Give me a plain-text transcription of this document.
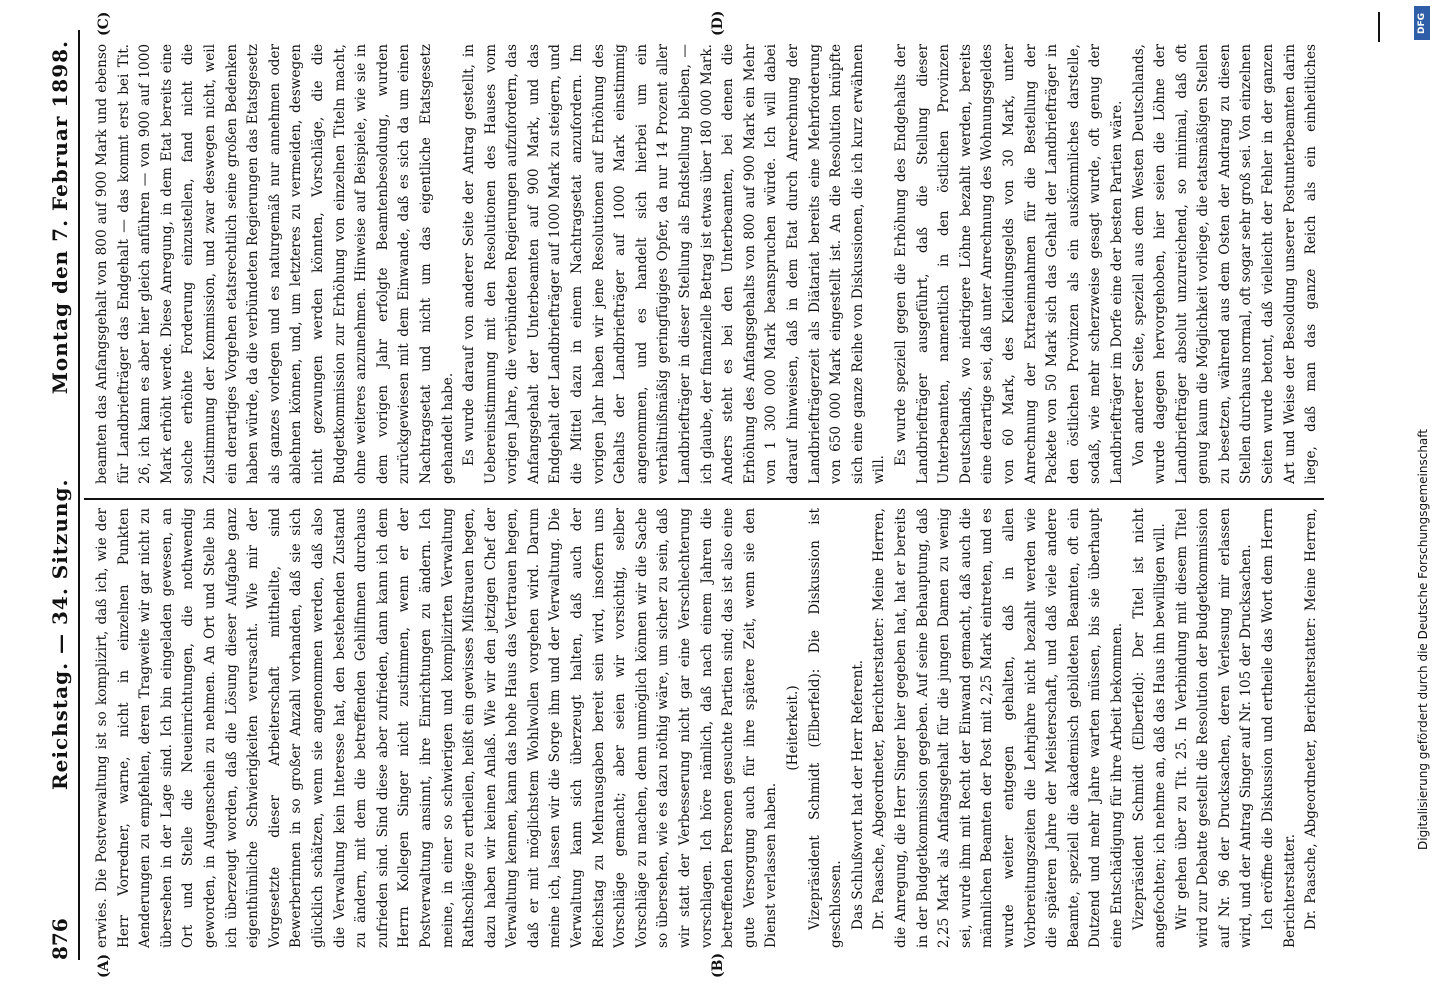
876
Reichstag. — 34. Sitzung.
Montag den 7. Februar 1898.
(A)	(B)
(C)	(D)

erwies. Die Postverwaltung ist so komplizirt, daß ich, wie der Herr Vorredner, warne, nicht in einzelnen Punkten Aenderungen zu empfehlen, deren Tragweite wir gar nicht zu übersehen in der Lage sind. Ich bin eingeladen gewesen, an Ort und Stelle die Neueinrichtungen, die nothwendig geworden, in Augenschein zu nehmen. An Ort und Stelle bin ich überzeugt worden, daß die Lösung dieser Aufgabe ganz eigenthümliche Schwierigkeiten verursacht. Wie mir der Vorgesetzte dieser Arbeiterschaft mittheilte, sind Bewerberinnen in so großer Anzahl vorhanden, daß sie sich glücklich schätzen, wenn sie angenommen werden, daß also die Verwaltung kein Interesse hat, den bestehenden Zustand zu ändern, mit dem die betreffenden Gehilfinnen durchaus zufrieden sind. Sind diese aber zufrieden, dann kann ich dem Herrn Kollegen Singer nicht zustimmen, wenn er der Postverwaltung ansinnt, ihre Einrichtungen zu ändern. Ich meine, in einer so schwierigen und komplizirten Verwaltung Rathschläge zu ertheilen, heißt ein gewisses Mißtrauen hegen, dazu haben wir keinen Anlaß. Wie wir den jetzigen Chef der Verwaltung kennen, kann das hohe Haus das Vertrauen hegen, daß er mit möglichstem Wohlwollen vorgehen wird. Darum meine ich, lassen wir die Sorge ihm und der Verwaltung. Die Verwaltung kann sich überzeugt halten, daß auch der Reichstag zu Mehrausgaben bereit sein wird, insofern uns Vorschläge gemacht; aber seien wir vorsichtig, selber Vorschläge zu machen, denn unmöglich können wir die Sache so übersehen, wie es dazu nöthig wäre, um sicher zu sein, daß wir statt der Verbesserung nicht gar eine Verschlechterung vorschlagen. Ich höre nämlich, daß nach einem Jahren die betreffenden Personen gesuchte Partien sind; das ist also eine gute Versorgung auch für ihre spätere Zeit, wenn sie den Dienst verlassen haben.

(Heiterkeit.) Vizepräsident Schmidt (Elberfeld): Die Diskussion ist geschlossen. Das Schlußwort hat der Herr Referent. Dr. Paasche, Abgeordneter, Berichterstatter: Meine Herren, die Anregung, die Herr Singer hier gegeben hat, hat er bereits in der Budgetkommission gegeben. Auf seine Behauptung, daß 2,25 Mark als Anfangsgehalt für die jungen Damen zu wenig sei, wurde ihm mit Recht der Einwand gemacht, daß auch die männlichen Beamten der Post mit 2,25 Mark eintreten, und es wurde weiter entgegen gehalten, daß in allen Vorbereitungszeiten die Lehrjahre nicht bezahlt werden wie die späteren Jahre der Meisterschaft, und daß viele andere Beamte, speziell die akademisch gebildeten Beamten, oft ein Dutzend und mehr Jahre warten müssen, bis sie überhaupt eine Entschädigung für ihre Arbeit bekommen. Vizepräsident Schmidt (Elberfeld): Der Titel ist nicht angefochten; ich nehme an, daß das Haus ihn bewilligen will. Wir gehen über zu Tit. 25. In Verbindung mit diesem Titel wird zur Debatte gestellt die Resolution der Budgetkommission auf Nr. 96 der Drucksachen, deren Verlesung mir erlassen wird, und der Antrag Singer auf Nr. 105 der Drucksachen. Ich eröffne die Diskussion und ertheile das Wort dem Herrn Berichterstatter. Dr. Paasche, Abgeordneter, Berichterstatter: Meine Herren,

beamten das Anfangsgehalt von 800 auf 900 Mark und ebenso für Landbriefträger das Endgehalt — das kommt erst bei Tit. 26, ich kann es aber hier gleich anführen — von 900 auf 1000 Mark erhöht werde. Diese Anregung, in dem Etat bereits eine solche erhöhte Forderung einzustellen, fand nicht die Zustimmung der Kommission, und zwar deswegen nicht, weil ein derartiges Vorgehen etatsrechtlich seine großen Bedenken haben würde, da die verbündeten Regierungen das Etatsgesetz als ganzes vorlegen und es naturgemäß nur annehmen oder ablehnen können, und, um letzteres zu vermeiden, deswegen nicht gezwungen werden könnten, Vorschläge, die die Budgetkommission zur Erhöhung von einzelnen Titeln macht, ohne weiteres anzunehmen. Hinweise auf Beispiele, wie sie in dem vorigen Jahr erfolgte Beamtenbesoldung, wurden zurückgewiesen mit dem Einwande, daß es sich da um einen Nachtragsetat und nicht um das eigentliche Etatsgesetz gehandelt habe. Es wurde darauf von anderer Seite der Antrag gestellt, in Uebereinstimmung mit den Resolutionen des Hauses vom vorigen Jahre, die verbündeten Regierungen aufzufordern, das Anfangsgehalt der Unterbeamten auf 900 Mark, und das Endgehalt der Landbriefträger auf 1000 Mark zu steigern, und die Mittel dazu in einem Nachtragsetat anzufordern. Im vorigen Jahr haben wir jene Resolutionen auf Erhöhung des Gehalts der Landbriefträger auf 1000 Mark einstimmig angenommen, und es handelt sich hierbei um ein verhältnißmäßig geringfügiges Opfer, da nur 14 Prozent aller Landbriefträger in dieser Stellung als Endstellung bleiben, — ich glaube, der finanzielle Betrag ist etwas über 180 000 Mark. Anders steht es bei den Unterbeamten, bei denen die Erhöhung des Anfangsgehalts von 800 auf 900 Mark ein Mehr von 1 300 000 Mark beanspruchen würde. Ich will dabei darauf hinweisen, daß in dem Etat durch Anrechnung der Landbriefträgerzeit als Diätariat bereits eine Mehrforderung von 650 000 Mark eingestellt ist. An die Resolution knüpfte sich eine ganze Reihe von Diskussionen, die ich kurz erwähnen will.

Es wurde speziell gegen die Erhöhung des Endgehalts der Landbriefträger ausgeführt, daß die Stellung dieser Unterbeamten, namentlich in den östlichen Provinzen Deutschlands, wo niedrigere Löhne bezahlt werden, bereits eine derartige sei, daß unter Anrechnung des Wohnungsgeldes von 60 Mark, des Kleidungsgelds von 30 Mark, unter Anrechnung der Extraeinnahmen für die Bestellung der Packete von 50 Mark sich das Gehalt der Landbriefträger in den östlichen Provinzen als ein auskömmliches darstelle, sodaß, wie mehr scherzweise gesagt wurde, oft genug der Landbriefträger im Dorfe eine der besten Partien wäre. Von anderer Seite, speziell aus dem Westen Deutschlands, wurde dagegen hervorgehoben, hier seien die Löhne der Landbriefträger absolut unzureichend, so minimal, daß oft genug kaum die Möglichkeit vorliege, die etatsmäßigen Stellen zu besetzen, während aus dem Osten der Andrang zu diesen Stellen durchaus normal, oft sogar sehr groß sei. Von einzelnen Seiten wurde betont, daß vielleicht der Fehler in der ganzen Art und Weise der Besoldung unserer Postunterbeamten darin liege, daß man das ganze Reich als ein einheitliches

Digitalisierung gefördert durch die Deutsche Forschungsgemeinschaft
DFG
